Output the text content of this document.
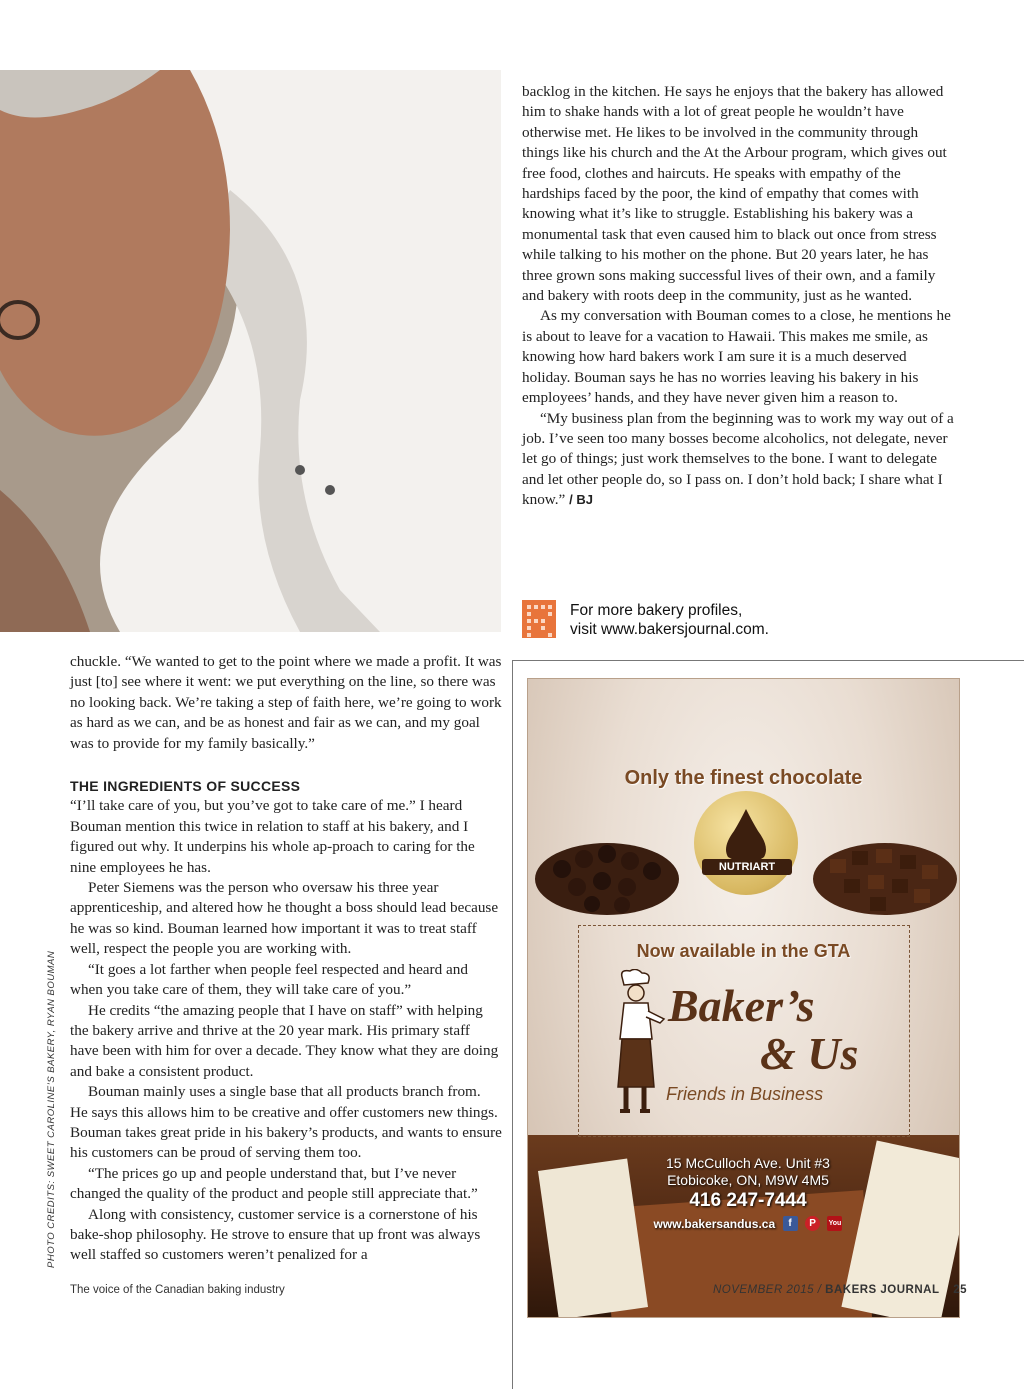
backlog in the kitchen. He says he enjoys that the bakery has allowed him to shake hands with a lot of great people he wouldn’t have otherwise met. He likes to be involved in the community through things like his church and the At the Arbour program, which gives out free food, clothes and haircuts. He speaks with empathy of the hardships faced by the poor, the kind of empathy that comes with knowing what it’s like to struggle. Establishing his bakery was a monumental task that even caused him to black out once from stress while talking to his mother on the phone. But 20 years later, he has three grown sons making successful lives of their own, and a family and bakery with roots deep in the community, just as he wanted.

As my conversation with Bouman comes to a close, he mentions he is about to leave for a vacation to Hawaii. This makes me smile, as knowing how hard bakers work I am sure it is a much deserved holiday. Bouman says he has no worries leaving his bakery in his employees’ hands, and they have never given him a reason to.

“My business plan from the beginning was to work my way out of a job. I’ve seen too many bosses become alcoholics, not delegate, never let go of things; just work themselves to the bone. I want to delegate and let other people do, so I pass on. I don’t hold back; I share what I know.” / BJ

For more bakery profiles,
visit www.bakersjournal.com.

chuckle. “We wanted to get to the point where we made a profit. It was just [to] see where it went: we put everything on the line, so there was no looking back. We’re taking a step of faith here, we’re going to work as hard as we can, and be as honest and fair as we can, and my goal was to provide for my family basically.”

THE INGREDIENTS OF SUCCESS

“I’ll take care of you, but you’ve got to take care of me.” I heard Bouman mention this twice in relation to staff at his bakery, and I figured out why. It underpins his whole ap-proach to caring for the nine employees he has.

Peter Siemens was the person who oversaw his three year apprenticeship, and altered how he thought a boss should lead because he was so kind. Bouman learned how important it was to treat staff well, respect the people you are working with.

“It goes a lot farther when people feel respected and heard and when you take care of them, they will take care of you.”

He credits “the amazing people that I have on staff” with helping the bakery arrive and thrive at the 20 year mark. His primary staff have been with him for over a decade. They know what they are doing and bake a consistent product.

Bouman mainly uses a single base that all products branch from. He says this allows him to be creative and offer customers new things. Bouman takes great pride in his bakery’s products, and wants to ensure his customers can be proud of serving them too.

“The prices go up and people understand that, but I’ve never changed the quality of the product and people still appreciate that.”

Along with consistency, customer service is a cornerstone of his bake-shop philosophy. He strove to ensure that up front was always well staffed so customers weren’t penalized for a

PHOTO CREDITS: SWEET CAROLINE’S BAKERY, RYAN BOUMAN
Only the finest chocolate
NUTRIART
Now available in the GTA
Baker’s
& Us
Friends in Business
15 McCulloch Ave. Unit #3
Etobicoke, ON, M9W 4M5
416 247-7444
www.bakersandus.ca f P You
The voice of the Canadian baking industry	NOVEMBER 2015 / BAKERS JOURNAL 25
